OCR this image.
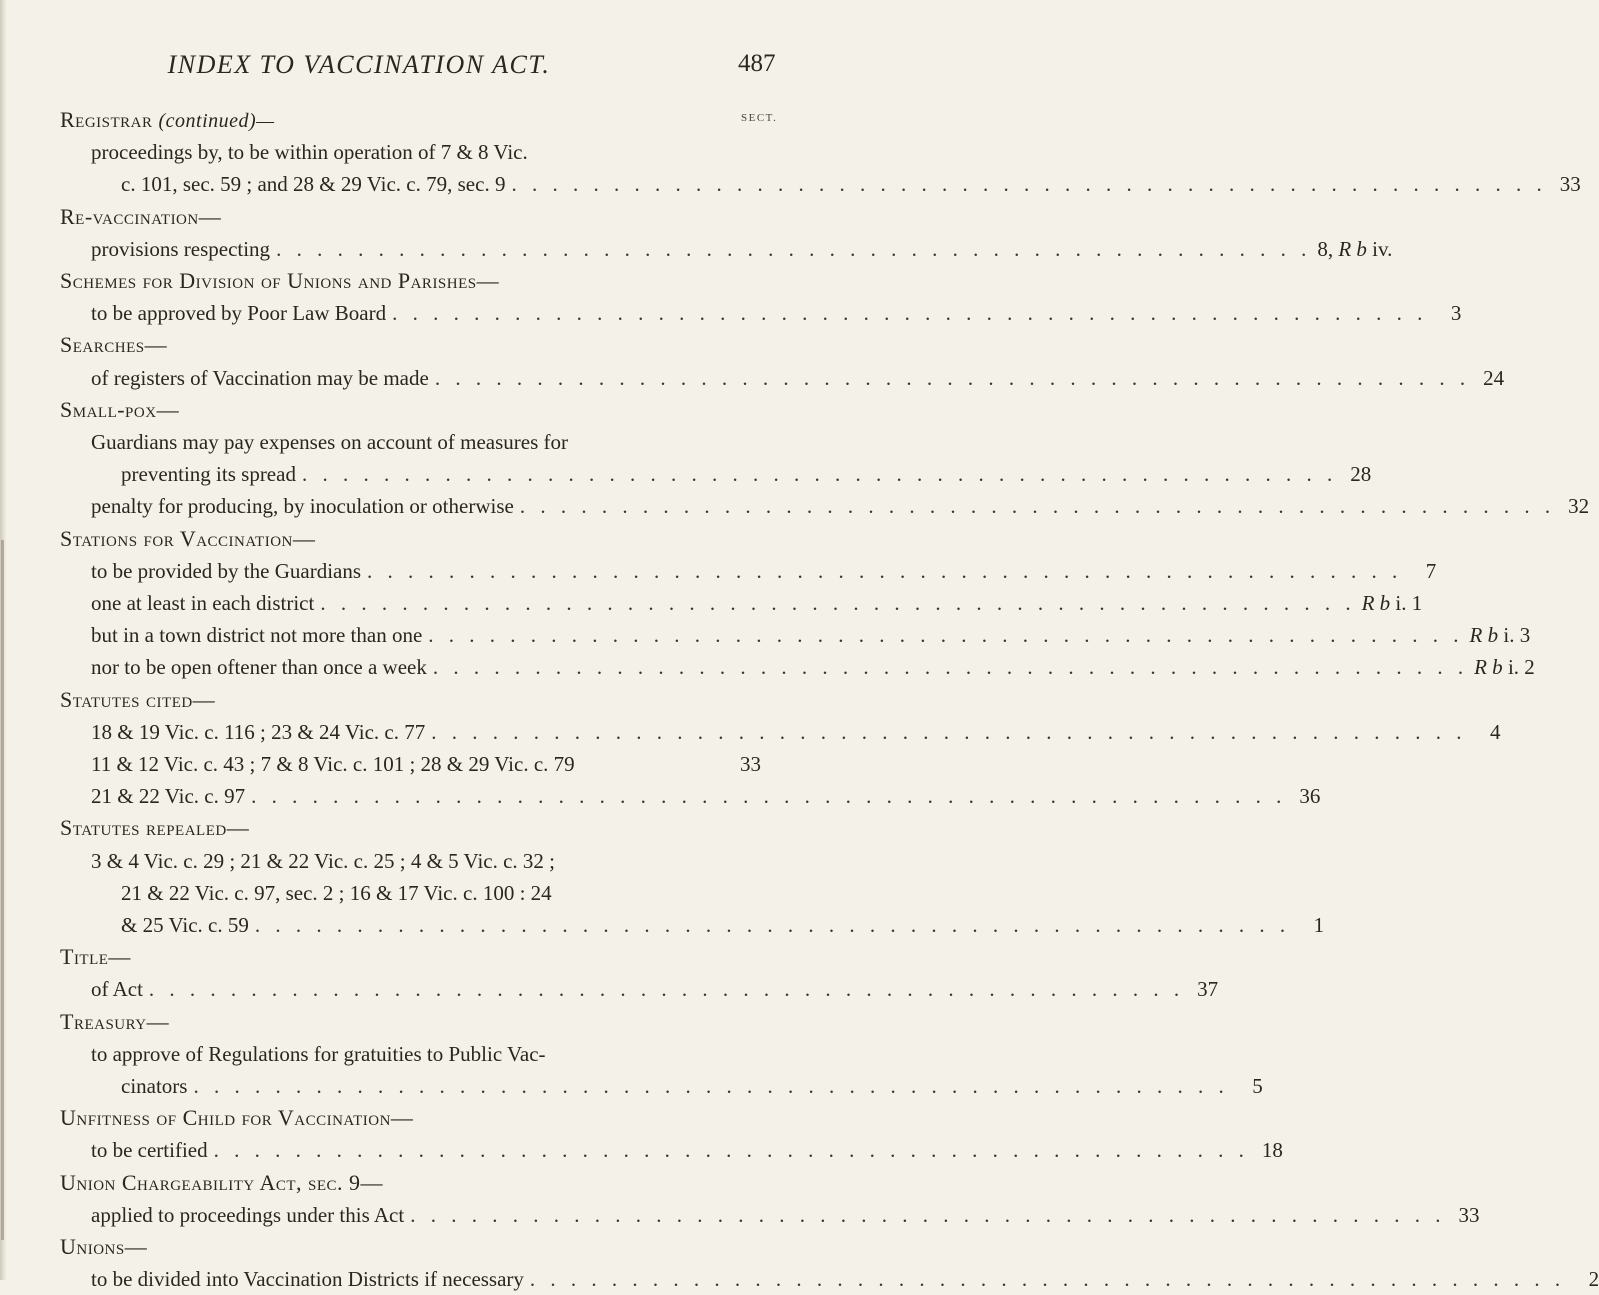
INDEX TO VACCINATION ACT.	487
SECT.
Registrar (continued)—
proceedings by, to be within operation of 7 & 8 Vic.
c. 101, sec. 59 ; and 28 & 29 Vic. c. 79, sec. 9 . . . . . . . . . . . . . . . . . . . . . . . . . . . . . . . . . . . . . . . . . . . . . . . . . . . 33
Re-vaccination—
provisions respecting . . . . . . . . . . . . . . . . . . . . . . . . . . . . . . . . . . . . . . . . . . . . . . . . . . . 8, R b iv.
Schemes for Division of Unions and Parishes—
to be approved by Poor Law Board . . . . . . . . . . . . . . . . . . . . . . . . . . . . . . . . . . . . . . . . . . . . . . . . . . .	3
Searches—
of registers of Vaccination may be made . . . . . . . . . . . . . . . . . . . . . . . . . . . . . . . . . . . . . . . . . . . . . . . . . . . 24
Small-pox—
Guardians may pay expenses on account of measures for
preventing its spread . . . . . . . . . . . . . . . . . . . . . . . . . . . . . . . . . . . . . . . . . . . . . . . . . . . 28
penalty for producing, by inoculation or otherwise . . . . . . . . . . . . . . . . . . . . . . . . . . . . . . . . . . . . . . . . . . . . . . . . . . . 32
Stations for Vaccination—
to be provided by the Guardians . . . . . . . . . . . . . . . . . . . . . . . . . . . . . . . . . . . . . . . . . . . . . . . . . . .	7
one at least in each district . . . . . . . . . . . . . . . . . . . . . . . . . . . . . . . . . . . . . . . . . . . . . . . . . . . R b i. 1
but in a town district not more than one . . . . . . . . . . . . . . . . . . . . . . . . . . . . . . . . . . . . . . . . . . . . . . . . . . . R b i. 3
nor to be open oftener than once a week . . . . . . . . . . . . . . . . . . . . . . . . . . . . . . . . . . . . . . . . . . . . . . . . . . . R b i. 2
Statutes cited—
18 & 19 Vic. c. 116 ; 23 & 24 Vic. c. 77 . . . . . . . . . . . . . . . . . . . . . . . . . . . . . . . . . . . . . . . . . . . . . . . . . . .	4
11 & 12 Vic. c. 43 ; 7 & 8 Vic. c. 101 ; 28 & 29 Vic. c. 79	33
21 & 22 Vic. c. 97 . . . . . . . . . . . . . . . . . . . . . . . . . . . . . . . . . . . . . . . . . . . . . . . . . . . 36
Statutes repealed—
3 & 4 Vic. c. 29 ; 21 & 22 Vic. c. 25 ; 4 & 5 Vic. c. 32 ;
21 & 22 Vic. c. 97, sec. 2 ; 16 & 17 Vic. c. 100 : 24
& 25 Vic. c. 59 . . . . . . . . . . . . . . . . . . . . . . . . . . . . . . . . . . . . . . . . . . . . . . . . . . .	1
Title—
of Act . . . . . . . . . . . . . . . . . . . . . . . . . . . . . . . . . . . . . . . . . . . . . . . . . . . 37
Treasury—
to approve of Regulations for gratuities to Public Vac-
cinators . . . . . . . . . . . . . . . . . . . . . . . . . . . . . . . . . . . . . . . . . . . . . . . . . . .	5
Unfitness of Child for Vaccination—
to be certified . . . . . . . . . . . . . . . . . . . . . . . . . . . . . . . . . . . . . . . . . . . . . . . . . . . 18
Union Chargeability Act, sec. 9—
applied to proceedings under this Act . . . . . . . . . . . . . . . . . . . . . . . . . . . . . . . . . . . . . . . . . . . . . . . . . . . 33
Unions—
to be divided into Vaccination Districts if necessary . . . . . . . . . . . . . . . . . . . . . . . . . . . . . . . . . . . . . . . . . . . . . . . . . . .	2
